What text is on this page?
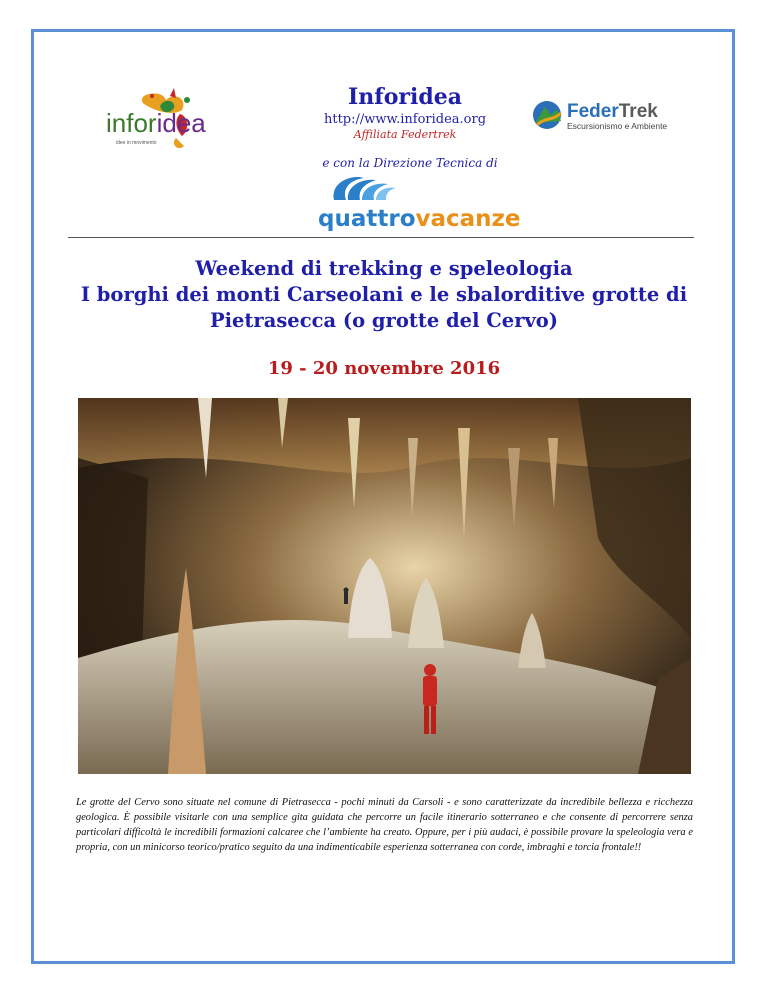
inforidea
idee in movimento
Inforidea
http://www.inforidea.org
Affiliata Federtrek
FederTrek
Escursionismo e Ambiente
e con la Direzione Tecnica di
quattrovacanze
Weekend di trekking e speleologia
I borghi dei monti Carseolani e le sbalorditive grotte di
Pietrasecca (o grotte del Cervo)
19 - 20 novembre 2016
Le grotte del Cervo sono situate nel comune di Pietrasecca - pochi minuti da Carsoli - e sono caratterizzate da incredibile bellezza e ricchezza geologica. È possibile visitarle con una semplice gita guidata che percorre un facile itinerario sotterraneo e che consente di percorrere senza particolari difficoltà le incredibili formazioni calcaree che l’ambiente ha creato. Oppure, per i più audaci, è possibile provare la speleologia vera e propria, con un minicorso teorico/pratico seguito da una indimenticabile esperienza sotterranea con corde, imbraghi e torcia frontale!!
